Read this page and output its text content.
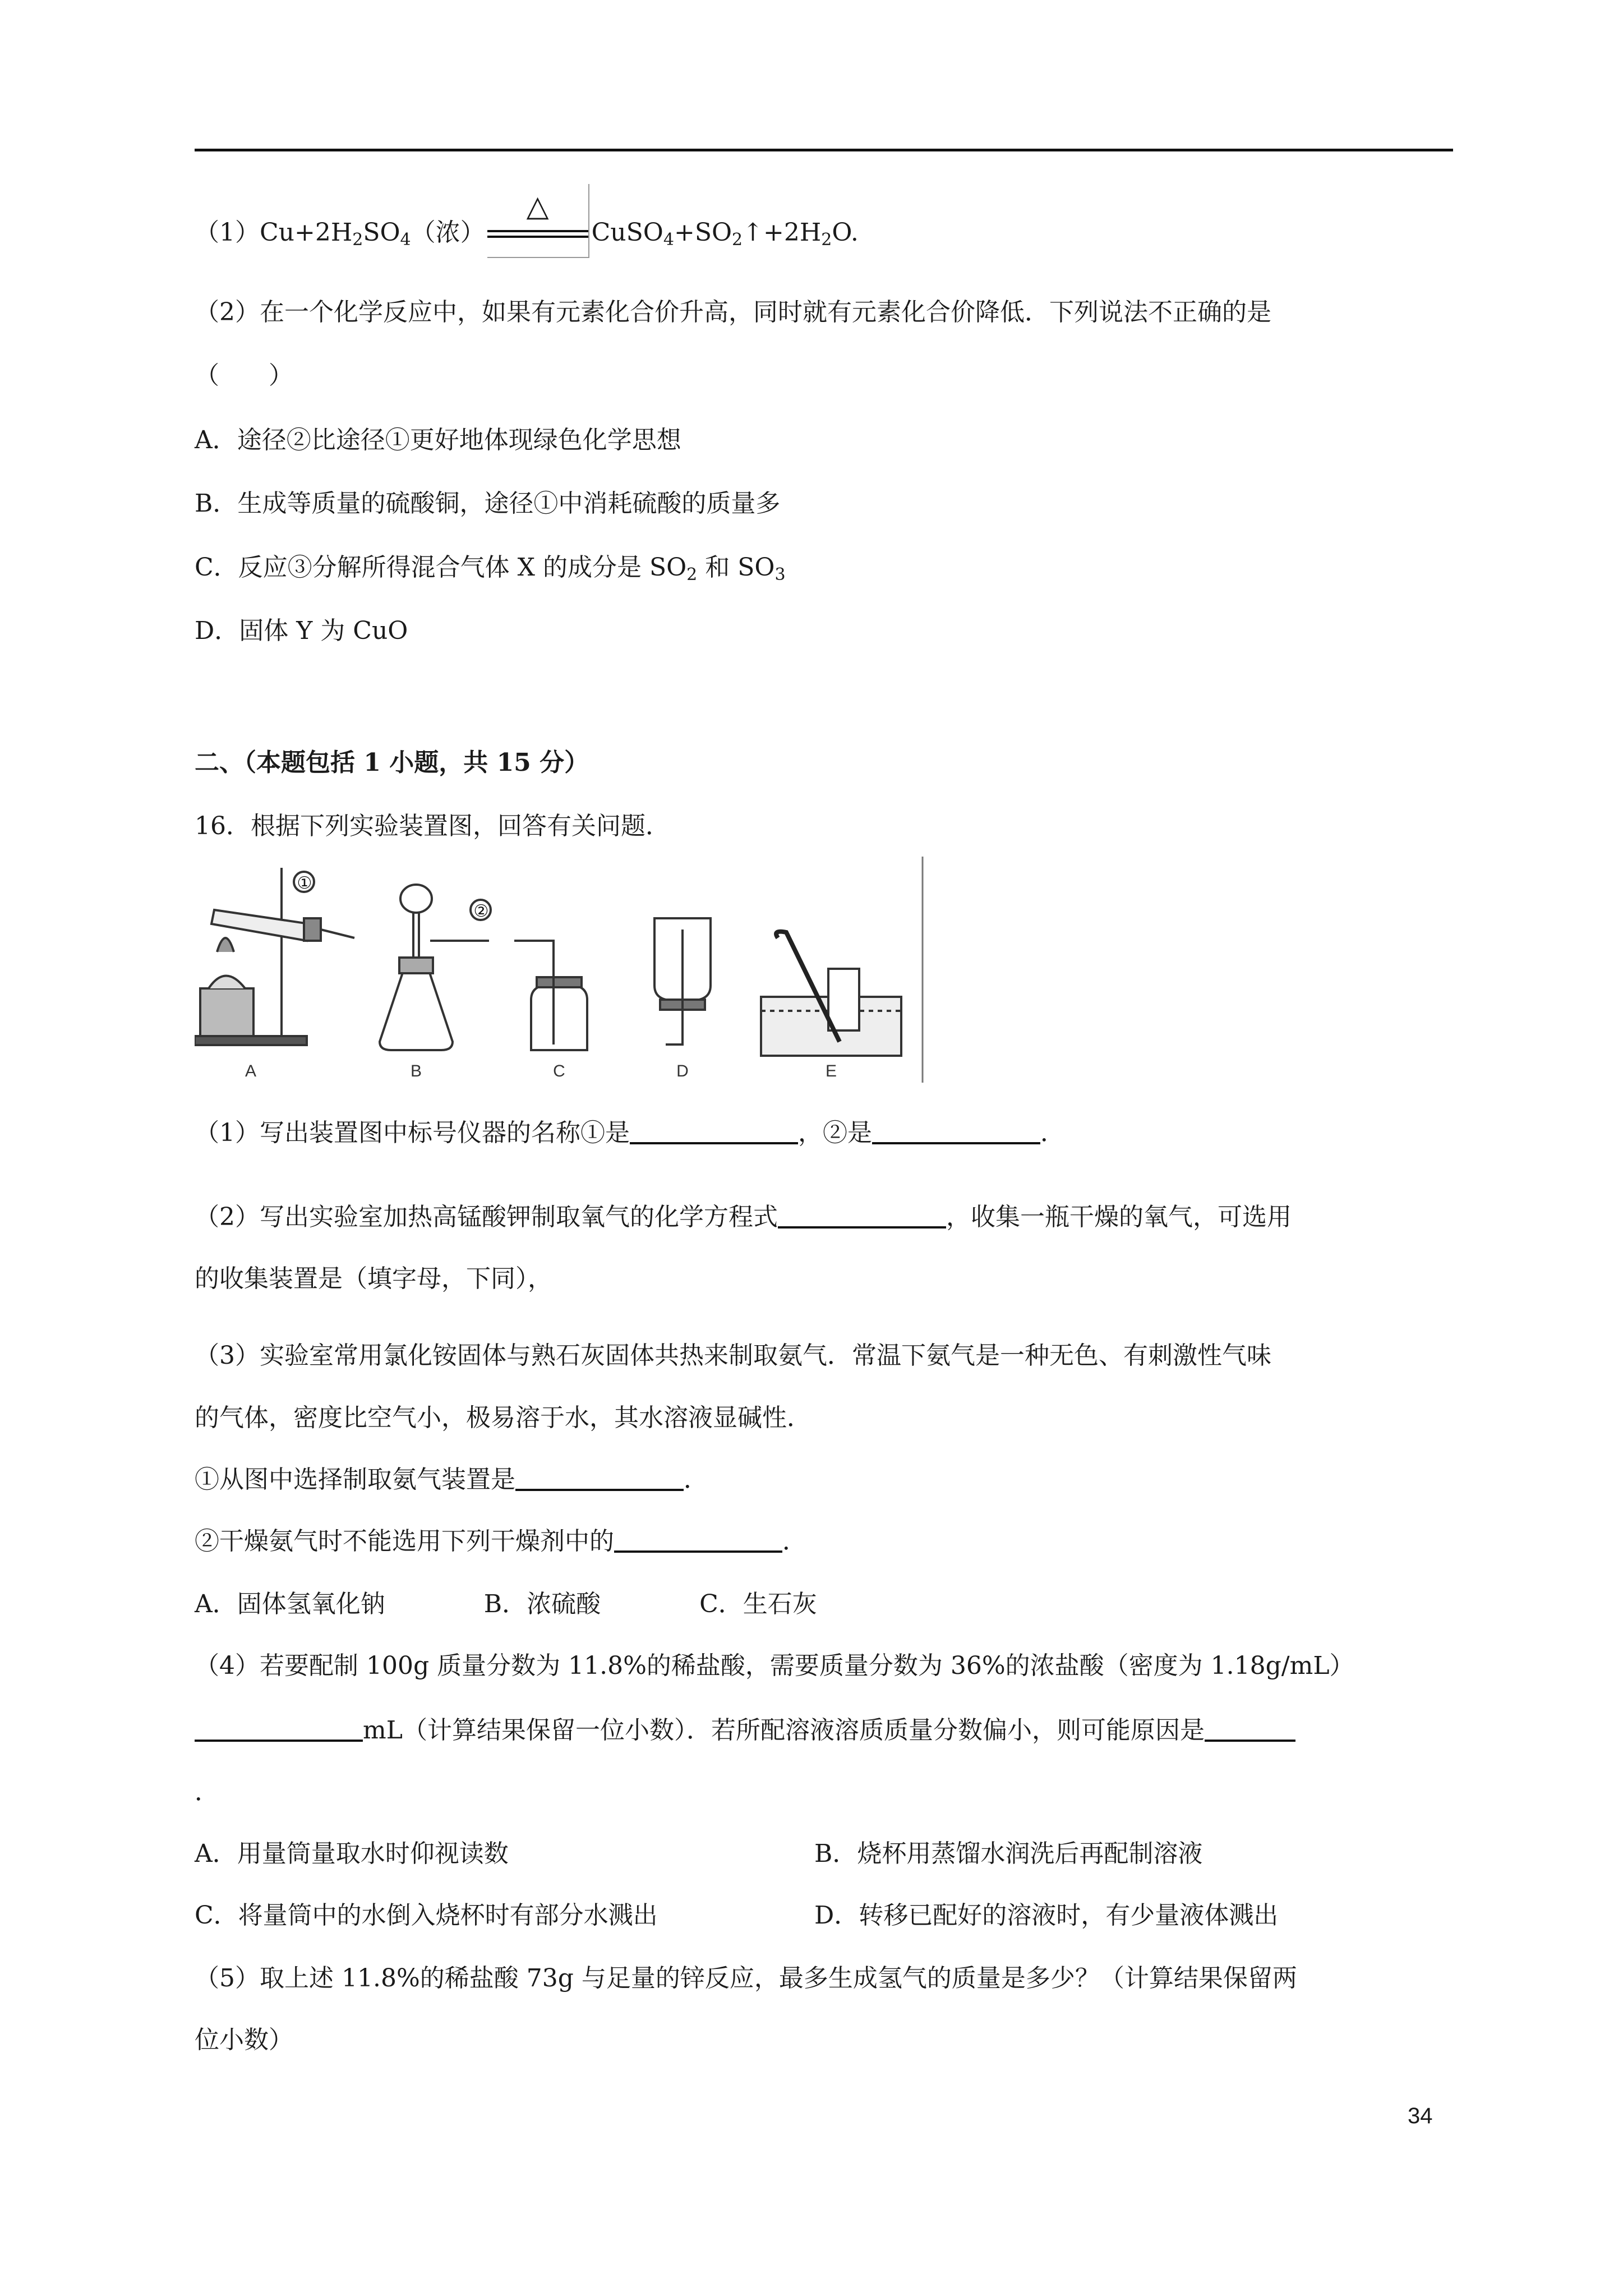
$(1)Cu+2H_2SO_4$（浓）
△
$CuSO_4+SO_2↑+2H_2O$.
（2）在一个化学反应中，如果有元素化合价升高，同时就有元素化合价降低．下列说法不正确的是
（　　）
A．途径②比途径①更好地体现绿色化学思想
B．生成等质量的硫酸铜，途径①中消耗硫酸的质量多
C．反应③分解所得混合气体 X 的成分是 $SO_2$ 和 $SO_3$
D．固体 Y 为 CuO
二、（本题包括 1 小题，共 15 分）
16．根据下列实验装置图，回答有关问题．
①
②
A	B	C	D	E
（1）写出装置图中标号仪器的名称①是	，②是	．
（2）写出实验室加热高锰酸钾制取氧气的化学方程式	，收集一瓶干燥的氧气，可选用
的收集装置是（填字母，下同），
（3）实验室常用氯化铵固体与熟石灰固体共热来制取氨气．常温下氨气是一种无色、有刺激性气味
的气体，密度比空气小，极易溶于水，其水溶液显碱性．
①从图中选择制取氨气装置是	．
②干燥氨气时不能选用下列干燥剂中的	．
A．固体氢氧化钠　　　　B．浓硫酸　　　　C．生石灰
（4）若要配制 100g 质量分数为 11.8%的稀盐酸，需要质量分数为 36%的浓盐酸（密度为 1.18g/mL）
mL（计算结果保留一位小数）．若所配溶液溶质质量分数偏小，则可能原因是
．
A．用量筒量取水时仰视读数	B．烧杯用蒸馏水润洗后再配制溶液
C．将量筒中的水倒入烧杯时有部分水溅出	D．转移已配好的溶液时，有少量液体溅出
（5）取上述 11.8%的稀盐酸 73g 与足量的锌反应，最多生成氢气的质量是多少？（计算结果保留两
位小数）
34
